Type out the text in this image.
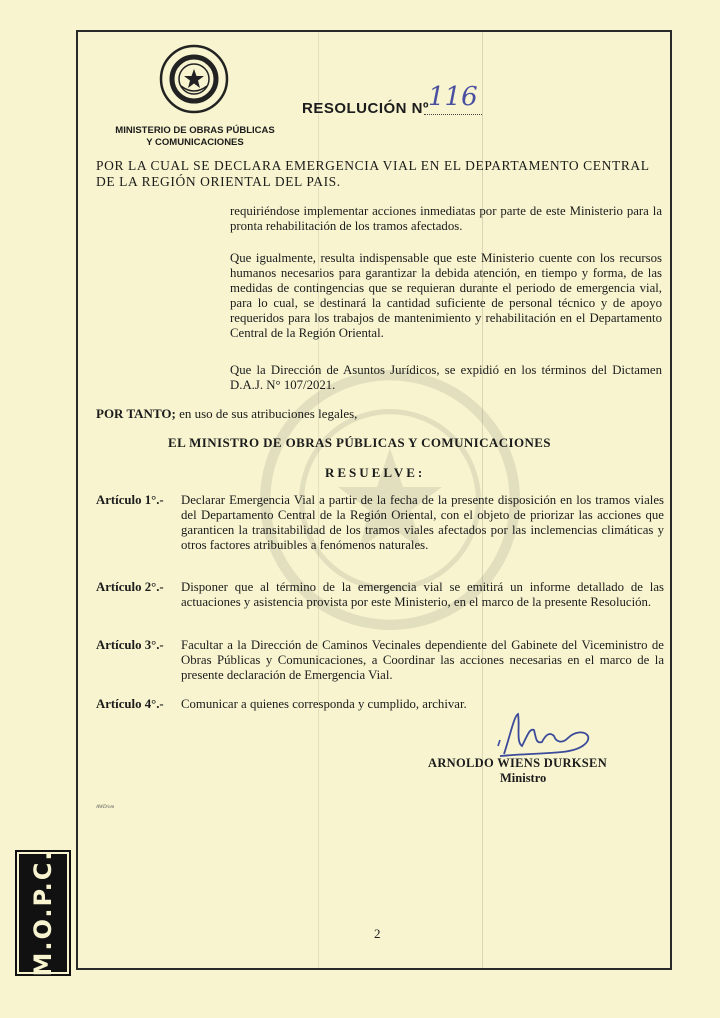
MINISTERIO DE OBRAS PÚBLICAS
Y COMUNICACIONES
RESOLUCIÓN Nº 116
POR LA CUAL SE DECLARA EMERGENCIA VIAL EN EL DEPARTAMENTO CENTRAL DE LA REGIÓN ORIENTAL DEL PAIS.
requiriéndose implementar acciones inmediatas por parte de este Ministerio para la pronta rehabilitación de los tramos afectados.
Que igualmente, resulta indispensable que este Ministerio cuente con los recursos humanos necesarios para garantizar la debida atención, en tiempo y forma, de las medidas de contingencias que se requieran durante el periodo de emergencia vial, para lo cual, se destinará la cantidad suficiente de personal técnico y de apoyo requeridos para los trabajos de mantenimiento y rehabilitación en el Departamento Central de la Región Oriental.
Que la Dirección de Asuntos Jurídicos, se expidió en los términos del Dictamen D.A.J. N° 107/2021.
POR TANTO; en uso de sus atribuciones legales,
EL MINISTRO DE OBRAS PÚBLICAS Y COMUNICACIONES
RESUELVE:
Artículo 1°.- Declarar Emergencia Vial a partir de la fecha de la presente disposición en los tramos viales del Departamento Central de la Región Oriental, con el objeto de priorizar las acciones que garanticen la transitabilidad de los tramos viales afectados por las inclemencias climáticas y otros factores atribuibles a fenómenos naturales.
Artículo 2°.- Disponer que al término de la emergencia vial se emitirá un informe detallado de las actuaciones y asistencia provista por este Ministerio, en el marco de la presente Resolución.
Artículo 3°.- Facultar a la Dirección de Caminos Vecinales dependiente del Gabinete del Viceministro de Obras Públicas y Comunicaciones, a Coordinar las acciones necesarias en el marco de la presente declaración de Emergencia Vial.
Artículo 4°.- Comunicar a quienes corresponda y cumplido, archivar.
ARNOLDO WIENS DURKSEN
Ministro
AWD/om
2
M.O.P.C.
